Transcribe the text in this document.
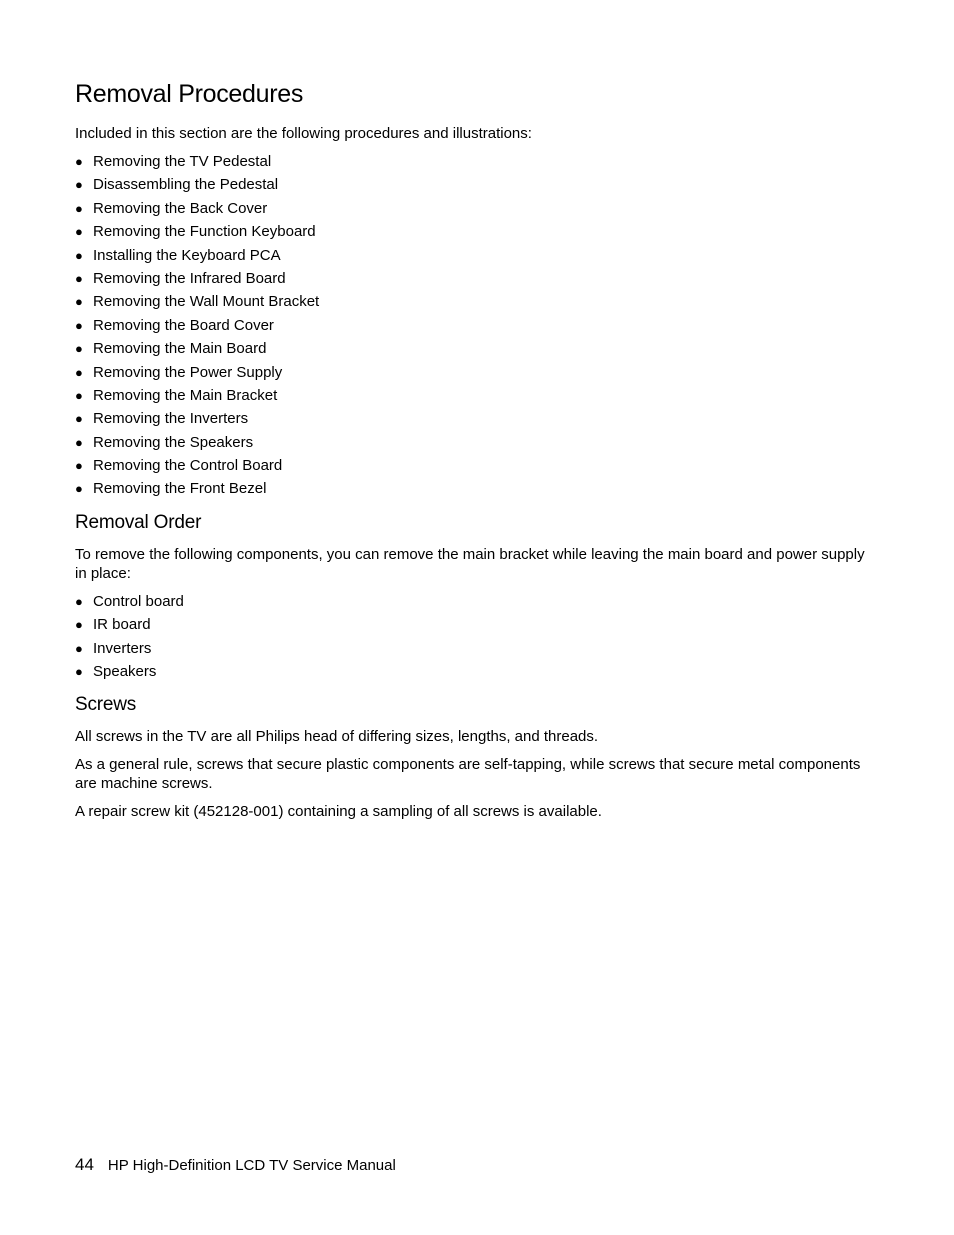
Removal Procedures

Included in this section are the following procedures and illustrations:

● Removing the TV Pedestal
● Disassembling the Pedestal
● Removing the Back Cover
● Removing the Function Keyboard
● Installing the Keyboard PCA
● Removing the Infrared Board
● Removing the Wall Mount Bracket
● Removing the Board Cover
● Removing the Main Board
● Removing the Power Supply
● Removing the Main Bracket
● Removing the Inverters
● Removing the Speakers
● Removing the Control Board
● Removing the Front Bezel
Removal Order

To remove the following components, you can remove the main bracket while leaving the main board and power supply in place:

● Control board
● IR board
● Inverters
● Speakers
Screws

All screws in the TV are all Philips head of differing sizes, lengths, and threads.

As a general rule, screws that secure plastic components are self-tapping, while screws that secure metal components are machine screws.

A repair screw kit (452128-001) containing a sampling of all screws is available.

44 HP High-Definition LCD TV Service Manual
